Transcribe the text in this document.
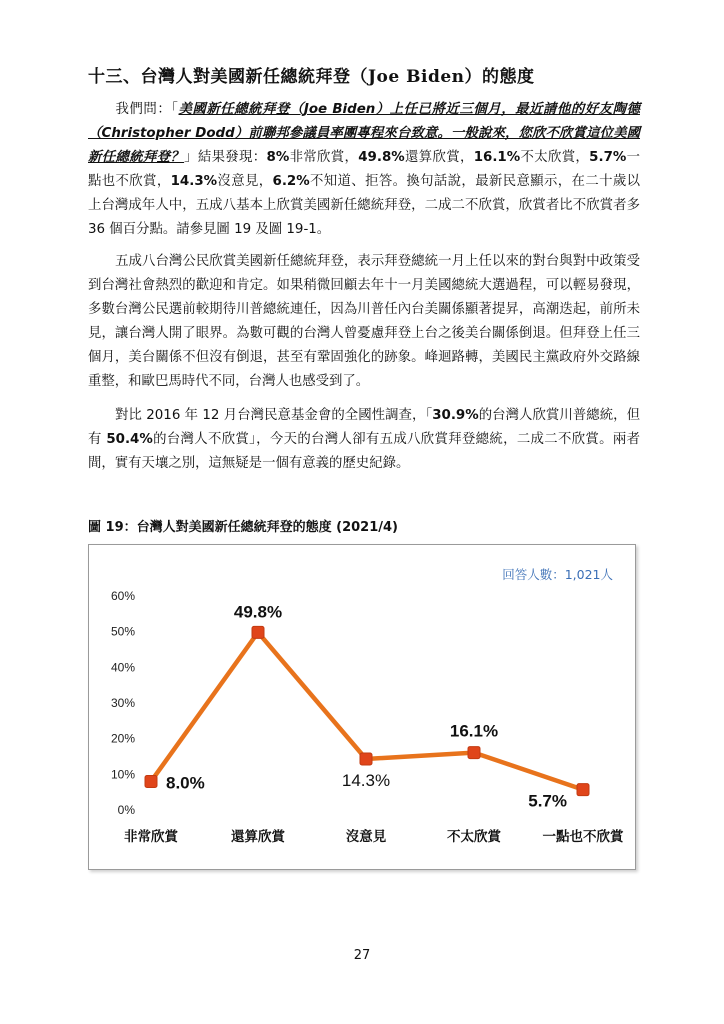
十三、台灣人對美國新任總統拜登（Joe Biden）的態度
我們問：「美國新任總統拜登（Joe Biden）上任已將近三個月，最近請他的好友陶德（Christopher Dodd）前聯邦參議員率團專程來台致意。一般說來，您欣不欣賞這位美國新任總統拜登？」結果發現：8%非常欣賞，49.8%還算欣賞，16.1%不太欣賞，5.7%一點也不欣賞，14.3%沒意見，6.2%不知道、拒答。換句話說，最新民意顯示，在二十歲以上台灣成年人中，五成八基本上欣賞美國新任總統拜登，二成二不欣賞，欣賞者比不欣賞者多 36 個百分點。請參見圖 19 及圖 19-1。
五成八台灣公民欣賞美國新任總統拜登，表示拜登總統一月上任以來的對台與對中政策受到台灣社會熱烈的歡迎和肯定。如果稍微回顧去年十一月美國總統大選過程，可以輕易發現，多數台灣公民選前較期待川普總統連任，因為川普任內台美關係顯著提昇，高潮迭起，前所未見，讓台灣人開了眼界。為數可觀的台灣人曾憂慮拜登上台之後美台關係倒退。但拜登上任三個月，美台關係不但沒有倒退，甚至有鞏固強化的跡象。峰迴路轉，美國民主黨政府外交路線重整，和歐巴馬時代不同，台灣人也感受到了。
對比 2016 年 12 月台灣民意基金會的全國性調查，「30.9%的台灣人欣賞川普總統，但有 50.4%的台灣人不欣賞」，今天的台灣人卻有五成八欣賞拜登總統，二成二不欣賞。兩者間，實有天壤之別，這無疑是一個有意義的歷史紀錄。
圖 19：台灣人對美國新任總統拜登的態度 (2021/4)
0%
10%
20%
30%
40%
50%
60%
8.0%
49.8%
14.3%
16.1%
5.7%
非常欣賞	還算欣賞	沒意見	不太欣賞	一點也不欣賞
回答人數：1,021人
27
